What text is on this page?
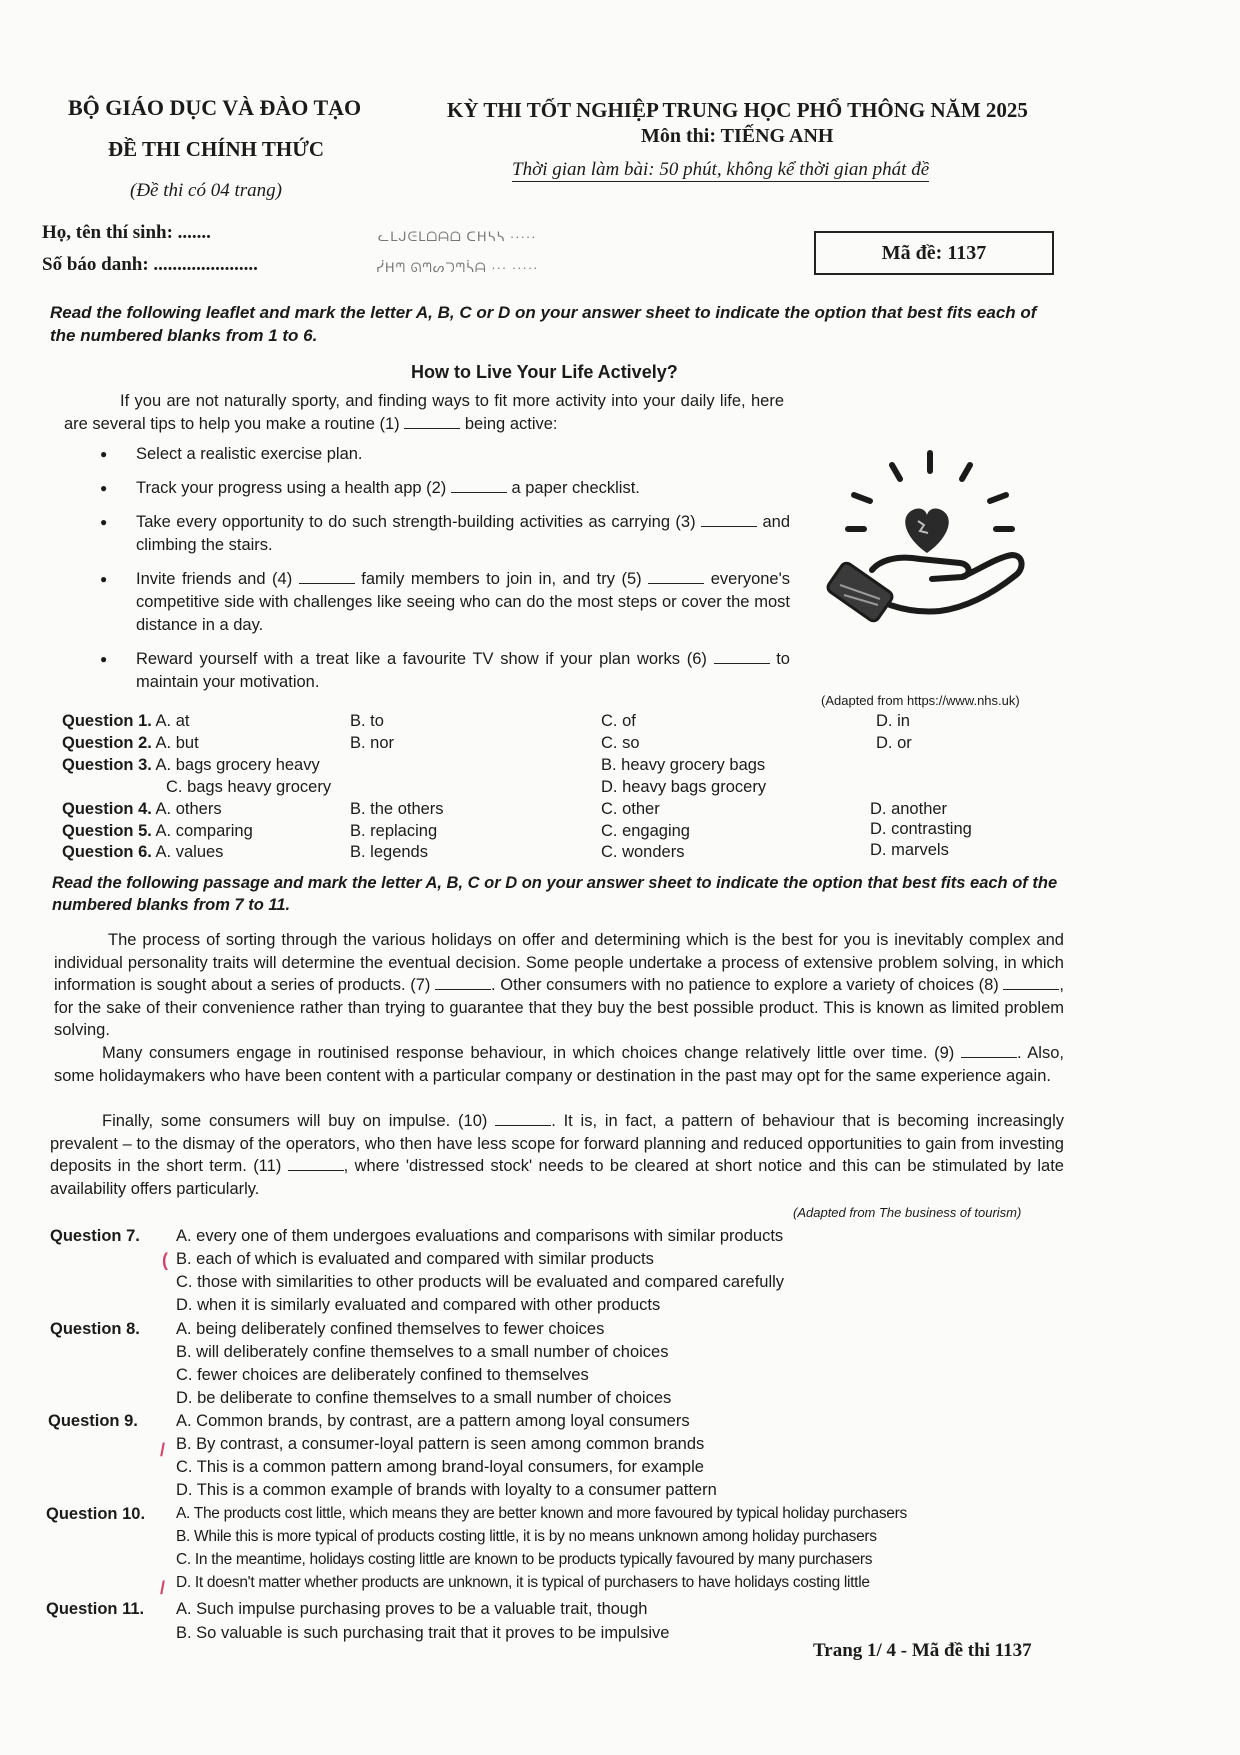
BỘ GIÁO DỤC VÀ ĐÀO TẠO
ĐỀ THI CHÍNH THỨC
(Đề thi có 04 trang)
KỲ THI TỐT NGHIỆP TRUNG HỌC PHỔ THÔNG NĂM 2025
Môn thi: TIẾNG ANH
Thời gian làm bài: 50 phút, không kể thời gian phát đề
Họ, tên thí sinh: .......
Số báo danh: ......................
ᓚᒪᒍᕮᒪᗝᗩᗝ ᑕᕼᓴᓴ ·····
ᓰᕼᘉ ᘏᘉᔕᘄᘉᓵᗩ ··· ·····
Mã đề: 1137
Read the following leaflet and mark the letter A, B, C or D on your answer sheet to indicate the option that best fits each of the numbered blanks from 1 to 6.
How to Live Your Life Actively?
If you are not naturally sporty, and finding ways to fit more activity into your daily life, here are several tips to help you make a routine (1)	being active:
● Select a realistic exercise plan.
● Track your progress using a health app (2)	a paper checklist.
● Take every opportunity to do such strength-building activities as carrying (3)	and climbing the stairs.
● Invite friends and (4)	family members to join in, and try (5)	everyone's competitive side with challenges like seeing who can do the most steps or cover the most distance in a day.
● Reward yourself with a treat like a favourite TV show if your plan works (6)	to maintain your motivation.
(Adapted from https://www.nhs.uk)
Question 1. A. at	B. to	C. of	D. in
Question 2. A. but	B. nor	C. so	D. or
Question 3. A. bags grocery heavy	B. heavy grocery bags
C. bags heavy grocery	D. heavy bags grocery
Question 4. A. others	B. the others	C. other	D. another
Question 5. A. comparing	B. replacing	C. engaging	D. contrasting
Question 6. A. values	B. legends	C. wonders	D. marvels
Read the following passage and mark the letter A, B, C or D on your answer sheet to indicate the option that best fits each of the numbered blanks from 7 to 11.
The process of sorting through the various holidays on offer and determining which is the best for you is inevitably complex and individual personality traits will determine the eventual decision. Some people undertake a process of extensive problem solving, in which information is sought about a series of products. (7)	. Other consumers with no patience to explore a variety of choices (8)	, for the sake of their convenience rather than trying to guarantee that they buy the best possible product. This is known as limited problem solving.
Many consumers engage in routinised response behaviour, in which choices change relatively little over time. (9)	. Also, some holidaymakers who have been content with a particular company or destination in the past may opt for the same experience again.
Finally, some consumers will buy on impulse. (10)	. It is, in fact, a pattern of behaviour that is becoming increasingly prevalent – to the dismay of the operators, who then have less scope for forward planning and reduced opportunities to gain from investing deposits in the short term. (11)	, where 'distressed stock' needs to be cleared at short notice and this can be stimulated by late availability offers particularly.
(Adapted from The business of tourism)
Question 7. A. every one of them undergoes evaluations and comparisons with similar products
B. each of which is evaluated and compared with similar products
C. those with similarities to other products will be evaluated and compared carefully
D. when it is similarly evaluated and compared with other products
Question 8. A. being deliberately confined themselves to fewer choices
B. will deliberately confine themselves to a small number of choices
C. fewer choices are deliberately confined to themselves
D. be deliberate to confine themselves to a small number of choices
Question 9. A. Common brands, by contrast, are a pattern among loyal consumers
B. By contrast, a consumer-loyal pattern is seen among common brands
C. This is a common pattern among brand-loyal consumers, for example
D. This is a common example of brands with loyalty to a consumer pattern
Question 10. A. The products cost little, which means they are better known and more favoured by typical holiday purchasers
B. While this is more typical of products costing little, it is by no means unknown among holiday purchasers
C. In the meantime, holidays costing little are known to be products typically favoured by many purchasers
D. It doesn't matter whether products are unknown, it is typical of purchasers to have holidays costing little
Question 11. A. Such impulse purchasing proves to be a valuable trait, though
B. So valuable is such purchasing trait that it proves to be impulsive
(
/
/
Trang 1/ 4 - Mã đề thi 1137
